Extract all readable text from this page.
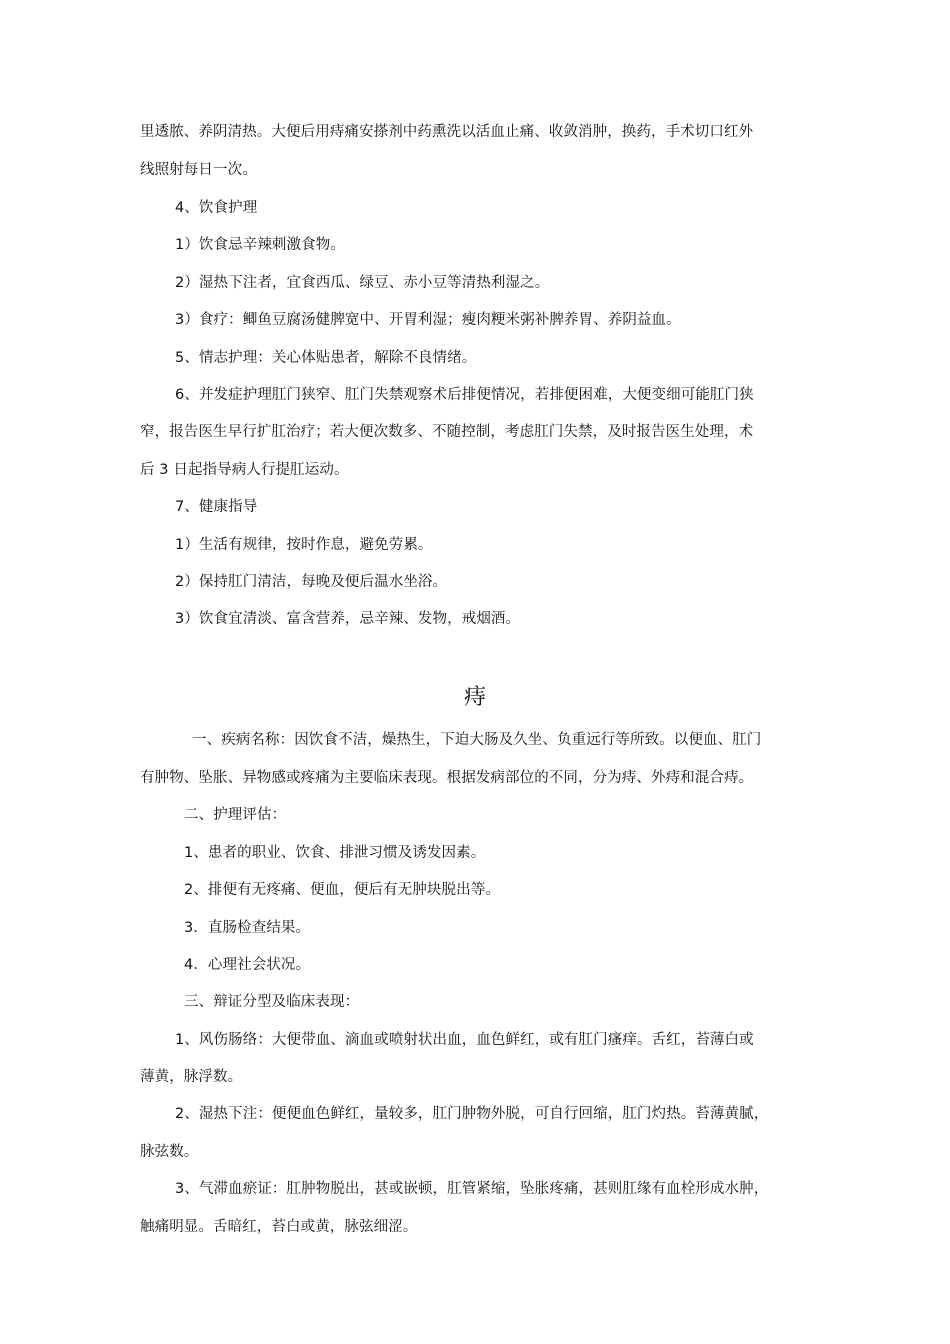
里透脓、养阴清热。大便后用痔痛安搽剂中药熏洗以活血止痛、收敛消肿，换药，手术切口红外
线照射每日一次。
4、饮食护理
1）饮食忌辛辣刺激食物。
2）湿热下注者，宜食西瓜、绿豆、赤小豆等清热利湿之。
3）食疗：鲫鱼豆腐汤健脾宽中、开胃利湿；瘦肉粳米粥补脾养胃、养阴益血。
5、情志护理：关心体贴患者，解除不良情绪。
6、并发症护理肛门狭窄、肛门失禁观察术后排便情况，若排便困难，大便变细可能肛门狭
窄，报告医生早行扩肛治疗；若大便次数多、不随控制，考虑肛门失禁，及时报告医生处理，术
后 3 日起指导病人行提肛运动。
7、健康指导
1）生活有规律，按时作息，避免劳累。
2）保持肛门清洁，每晚及便后温水坐浴。
3）饮食宜清淡、富含营养，忌辛辣、发物，戒烟酒。
痔
一、疾病名称：因饮食不洁，燥热生，下迫大肠及久坐、负重远行等所致。以便血、肛门
有肿物、坠胀、异物感或疼痛为主要临床表现。根据发病部位的不同，分为痔、外痔和混合痔。
二、护理评估：
1、患者的职业、饮食、排泄习惯及诱发因素。
2、排便有无疼痛、便血，便后有无肿块脱出等。
3．直肠检查结果。
4．心理社会状况。
三、辩证分型及临床表现：
1、风伤肠络：大便带血、滴血或喷射状出血，血色鲜红，或有肛门瘙痒。舌红，苔薄白或
薄黄，脉浮数。
2、湿热下注：便便血色鲜红，量较多，肛门肿物外脱，可自行回缩，肛门灼热。苔薄黄腻，
脉弦数。
3、气滞血瘀证：肛肿物脱出，甚或嵌顿，肛管紧缩，坠胀疼痛，甚则肛缘有血栓形成水肿，
触痛明显。舌暗红，苔白或黄，脉弦细涩。
